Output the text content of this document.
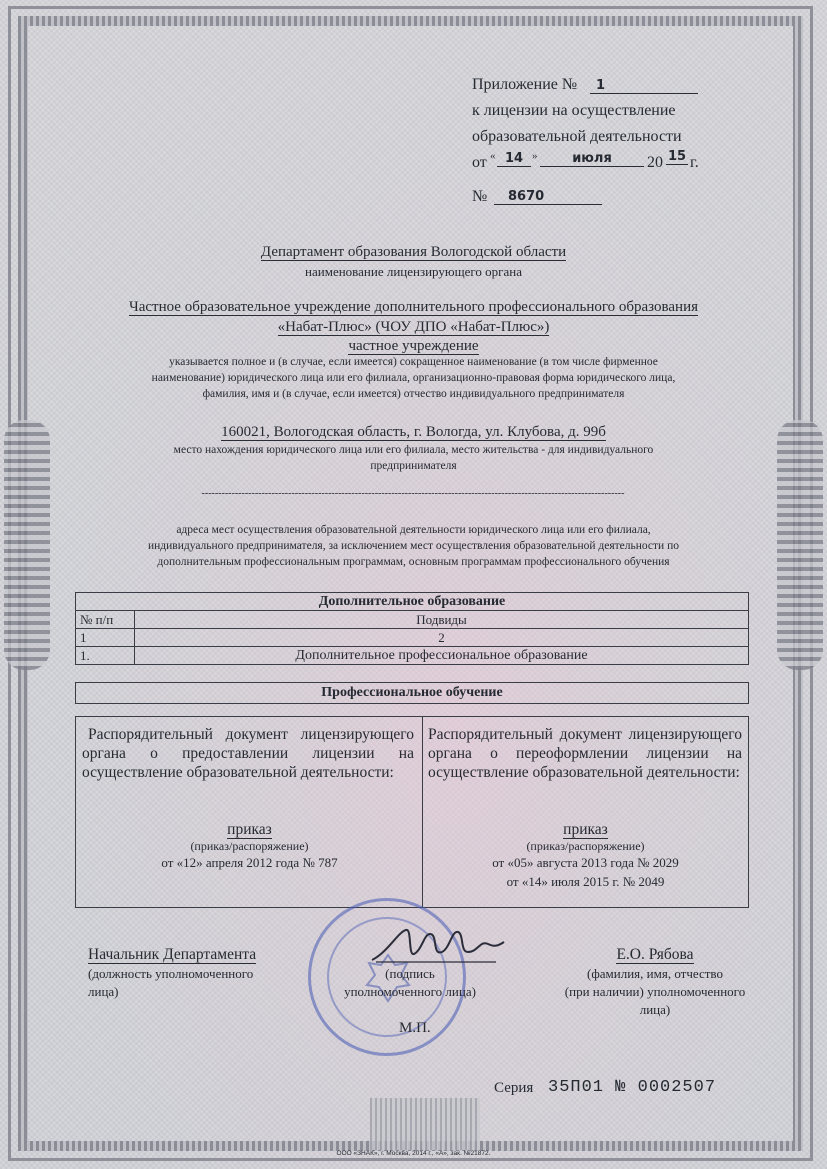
Приложение №	1
к лицензии на осуществление
образовательной деятельности
от « 14 »	июля	20 15 г.
№	8670
Департамент образования Вологодской области
наименование лицензирующего органа
Частное образовательное учреждение дополнительного профессионального образования
«Набат-Плюс» (ЧОУ ДПО «Набат-Плюс»)
частное учреждение
указывается полное и (в случае, если имеется) сокращенное наименование (в том числе фирменное
наименование) юридического лица или его филиала, организационно-правовая форма юридического лица,
фамилия, имя и (в случае, если имеется) отчество индивидуального предпринимателя
160021, Вологодская область, г. Вологда, ул. Клубова, д. 99б
место нахождения юридического лица или его филиала, место жительства - для индивидуального
предпринимателя
-------------------------------------------------------------------------------------------------------------------------------
адреса мест осуществления образовательной деятельности юридического лица или его филиала,
индивидуального предпринимателя, за исключением мест осуществления образовательной деятельности по
дополнительным профессиональным программам, основным программам профессионального обучения
Дополнительное образование	
№ п/п	Подвиды
1	2
1.	Дополнительное профессиональное образование
Профессиональное обучение
Распорядительный документ лицензирующего органа о предоставлении лицензии на осуществление образовательной деятельности:
приказ
(приказ/распоряжение)
от «12» апреля 2012 года № 787
Распорядительный документ лицензирующего органа о переоформлении лицензии на осуществление образовательной деятельности:
приказ
(приказ/распоряжение)
от «05» августа 2013 года № 2029
от «14» июля 2015 г. № 2049
Начальник Департамента
(должность уполномоченного
лица)
(подпись
уполномоченного лица)
Е.О. Рябова
(фамилия, имя, отчество
(при наличии) уполномоченного
лица)
М.П.
Серия 35П01 № 0002507
ООО «ЗНАК», г. Москва, 2014 г., «А», зак. №21872.
